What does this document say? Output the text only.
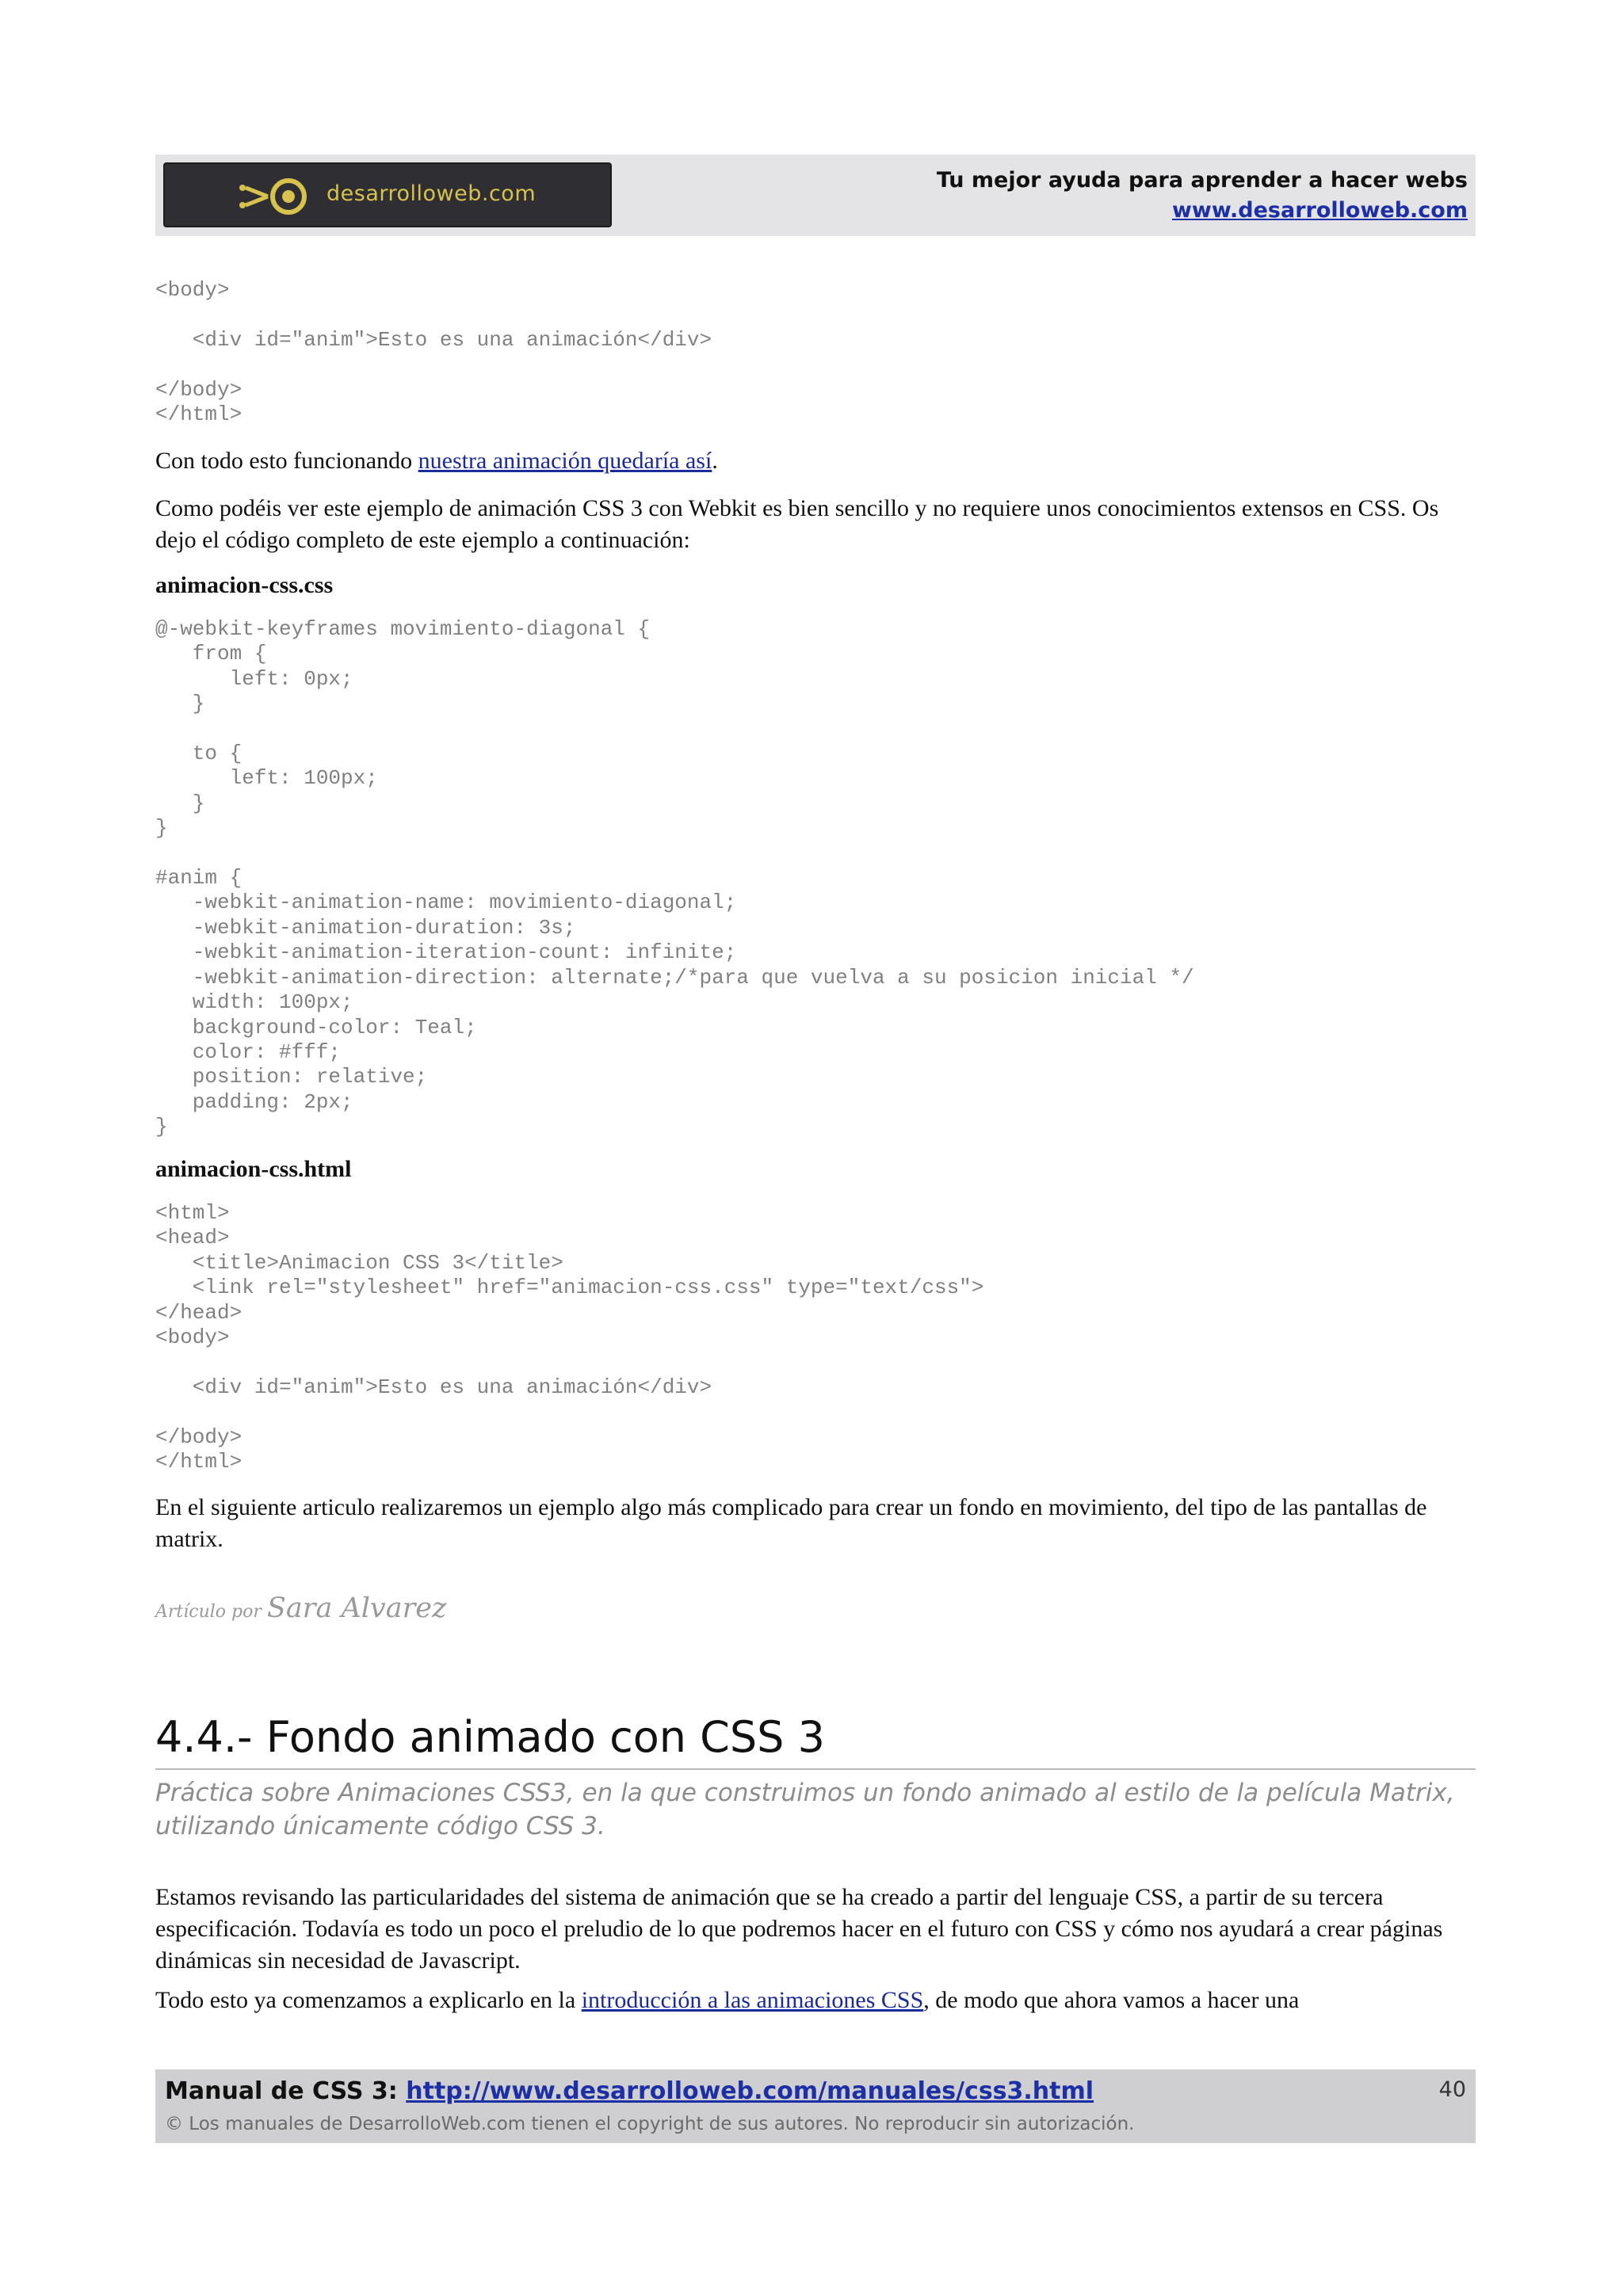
desarrolloweb.com
Tu mejor ayuda para aprender a hacer webs
www.desarrolloweb.com
<body>

<div id="anim">Esto es una animación</div>

</body>
</html>
Con todo esto funcionando nuestra animación quedaría así.
Como podéis ver este ejemplo de animación CSS 3 con Webkit es bien sencillo y no requiere unos conocimientos extensos en CSS. Os dejo el código completo de este ejemplo a continuación:
animacion-css.css
@-webkit-keyframes movimiento-diagonal {
from {
left: 0px;
}

to {
left: 100px;
}
}

#anim {
-webkit-animation-name: movimiento-diagonal;
-webkit-animation-duration: 3s;
-webkit-animation-iteration-count: infinite;
-webkit-animation-direction: alternate;/*para que vuelva a su posicion inicial */
width: 100px;
background-color: Teal;
color: #fff;
position: relative;
padding: 2px;
}
animacion-css.html
<html>
<head>
<title>Animacion CSS 3</title>
<link rel="stylesheet" href="animacion-css.css" type="text/css">
</head>
<body>

<div id="anim">Esto es una animación</div>

</body>
</html>
En el siguiente articulo realizaremos un ejemplo algo más complicado para crear un fondo en movimiento, del tipo de las pantallas de matrix.
Artículo por Sara Alvarez
4.4.- Fondo animado con CSS 3
Práctica sobre Animaciones CSS3, en la que construimos un fondo animado al estilo de la película Matrix, utilizando únicamente código CSS 3.
Estamos revisando las particularidades del sistema de animación que se ha creado a partir del lenguaje CSS, a partir de su tercera especificación. Todavía es todo un poco el preludio de lo que podremos hacer en el futuro con CSS y cómo nos ayudará a crear páginas dinámicas sin necesidad de Javascript.
Todo esto ya comenzamos a explicarlo en la introducción a las animaciones CSS, de modo que ahora vamos a hacer una
Manual de CSS 3: http://www.desarrolloweb.com/manuales/css3.html
© Los manuales de DesarrolloWeb.com tienen el copyright de sus autores. No reproducir sin autorización.
40
